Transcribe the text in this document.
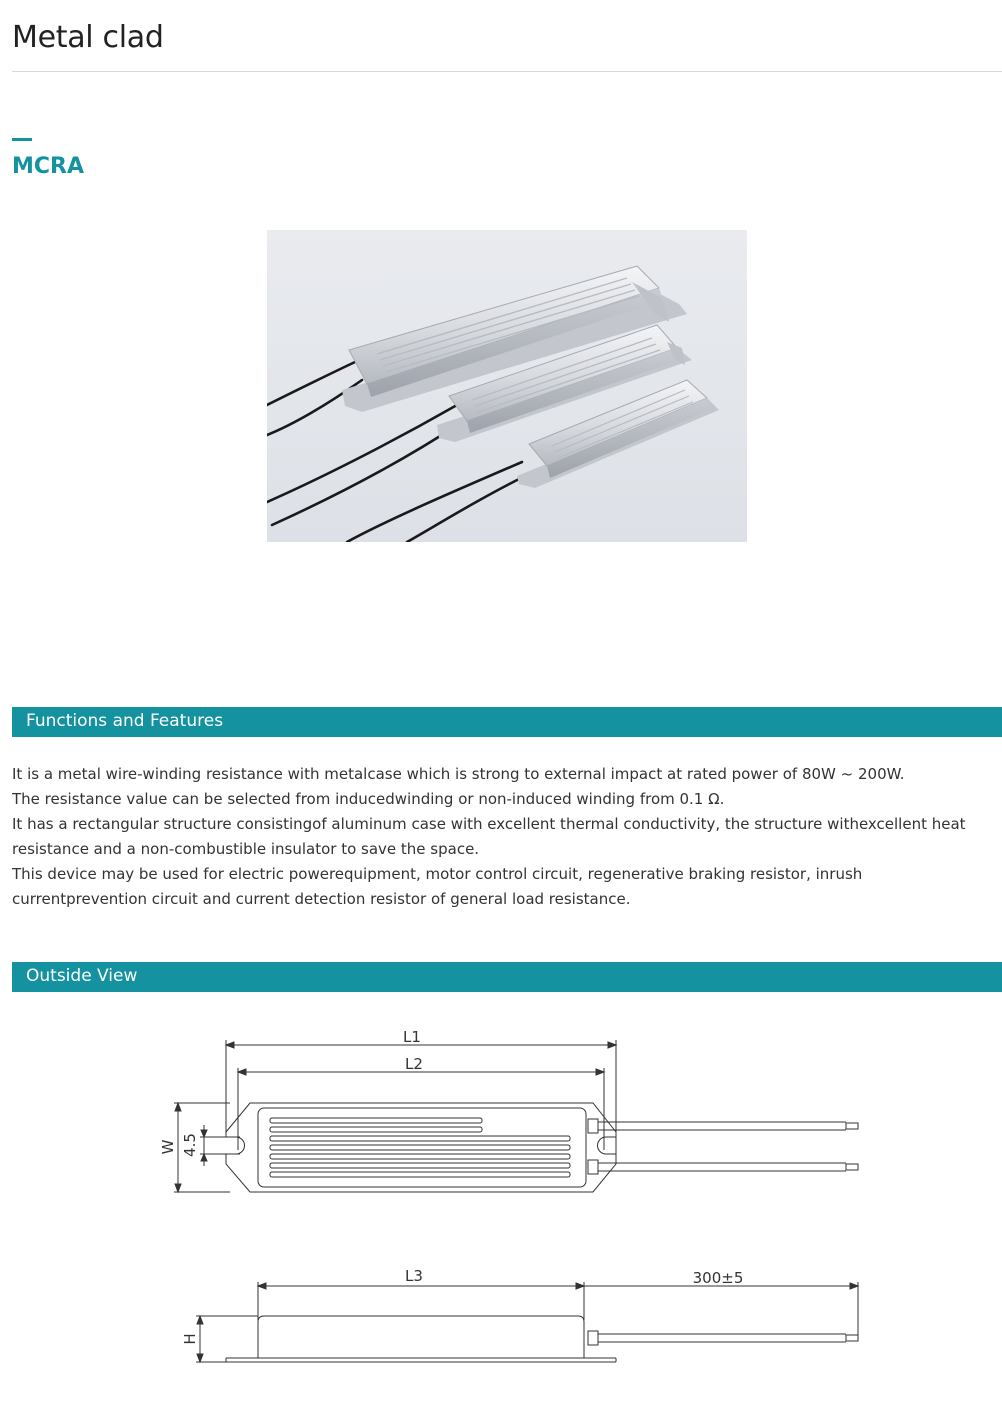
Metal clad
MCRA
Functions and Features

It is a metal wire-winding resistance with metalcase which is strong to external impact at rated power of 80W ~ 200W.

The resistance value can be selected from inducedwinding or non-induced winding from 0.1 Ω.

It has a rectangular structure consistingof aluminum case with excellent thermal conductivity, the structure withexcellent heat resistance and a non-combustible insulator to save the space.

This device may be used for electric powerequipment, motor control circuit, regenerative braking resistor, inrush currentprevention circuit and current detection resistor of general load resistance.

Outside View
L1
L2
W 4.5
L3	300±5
H
